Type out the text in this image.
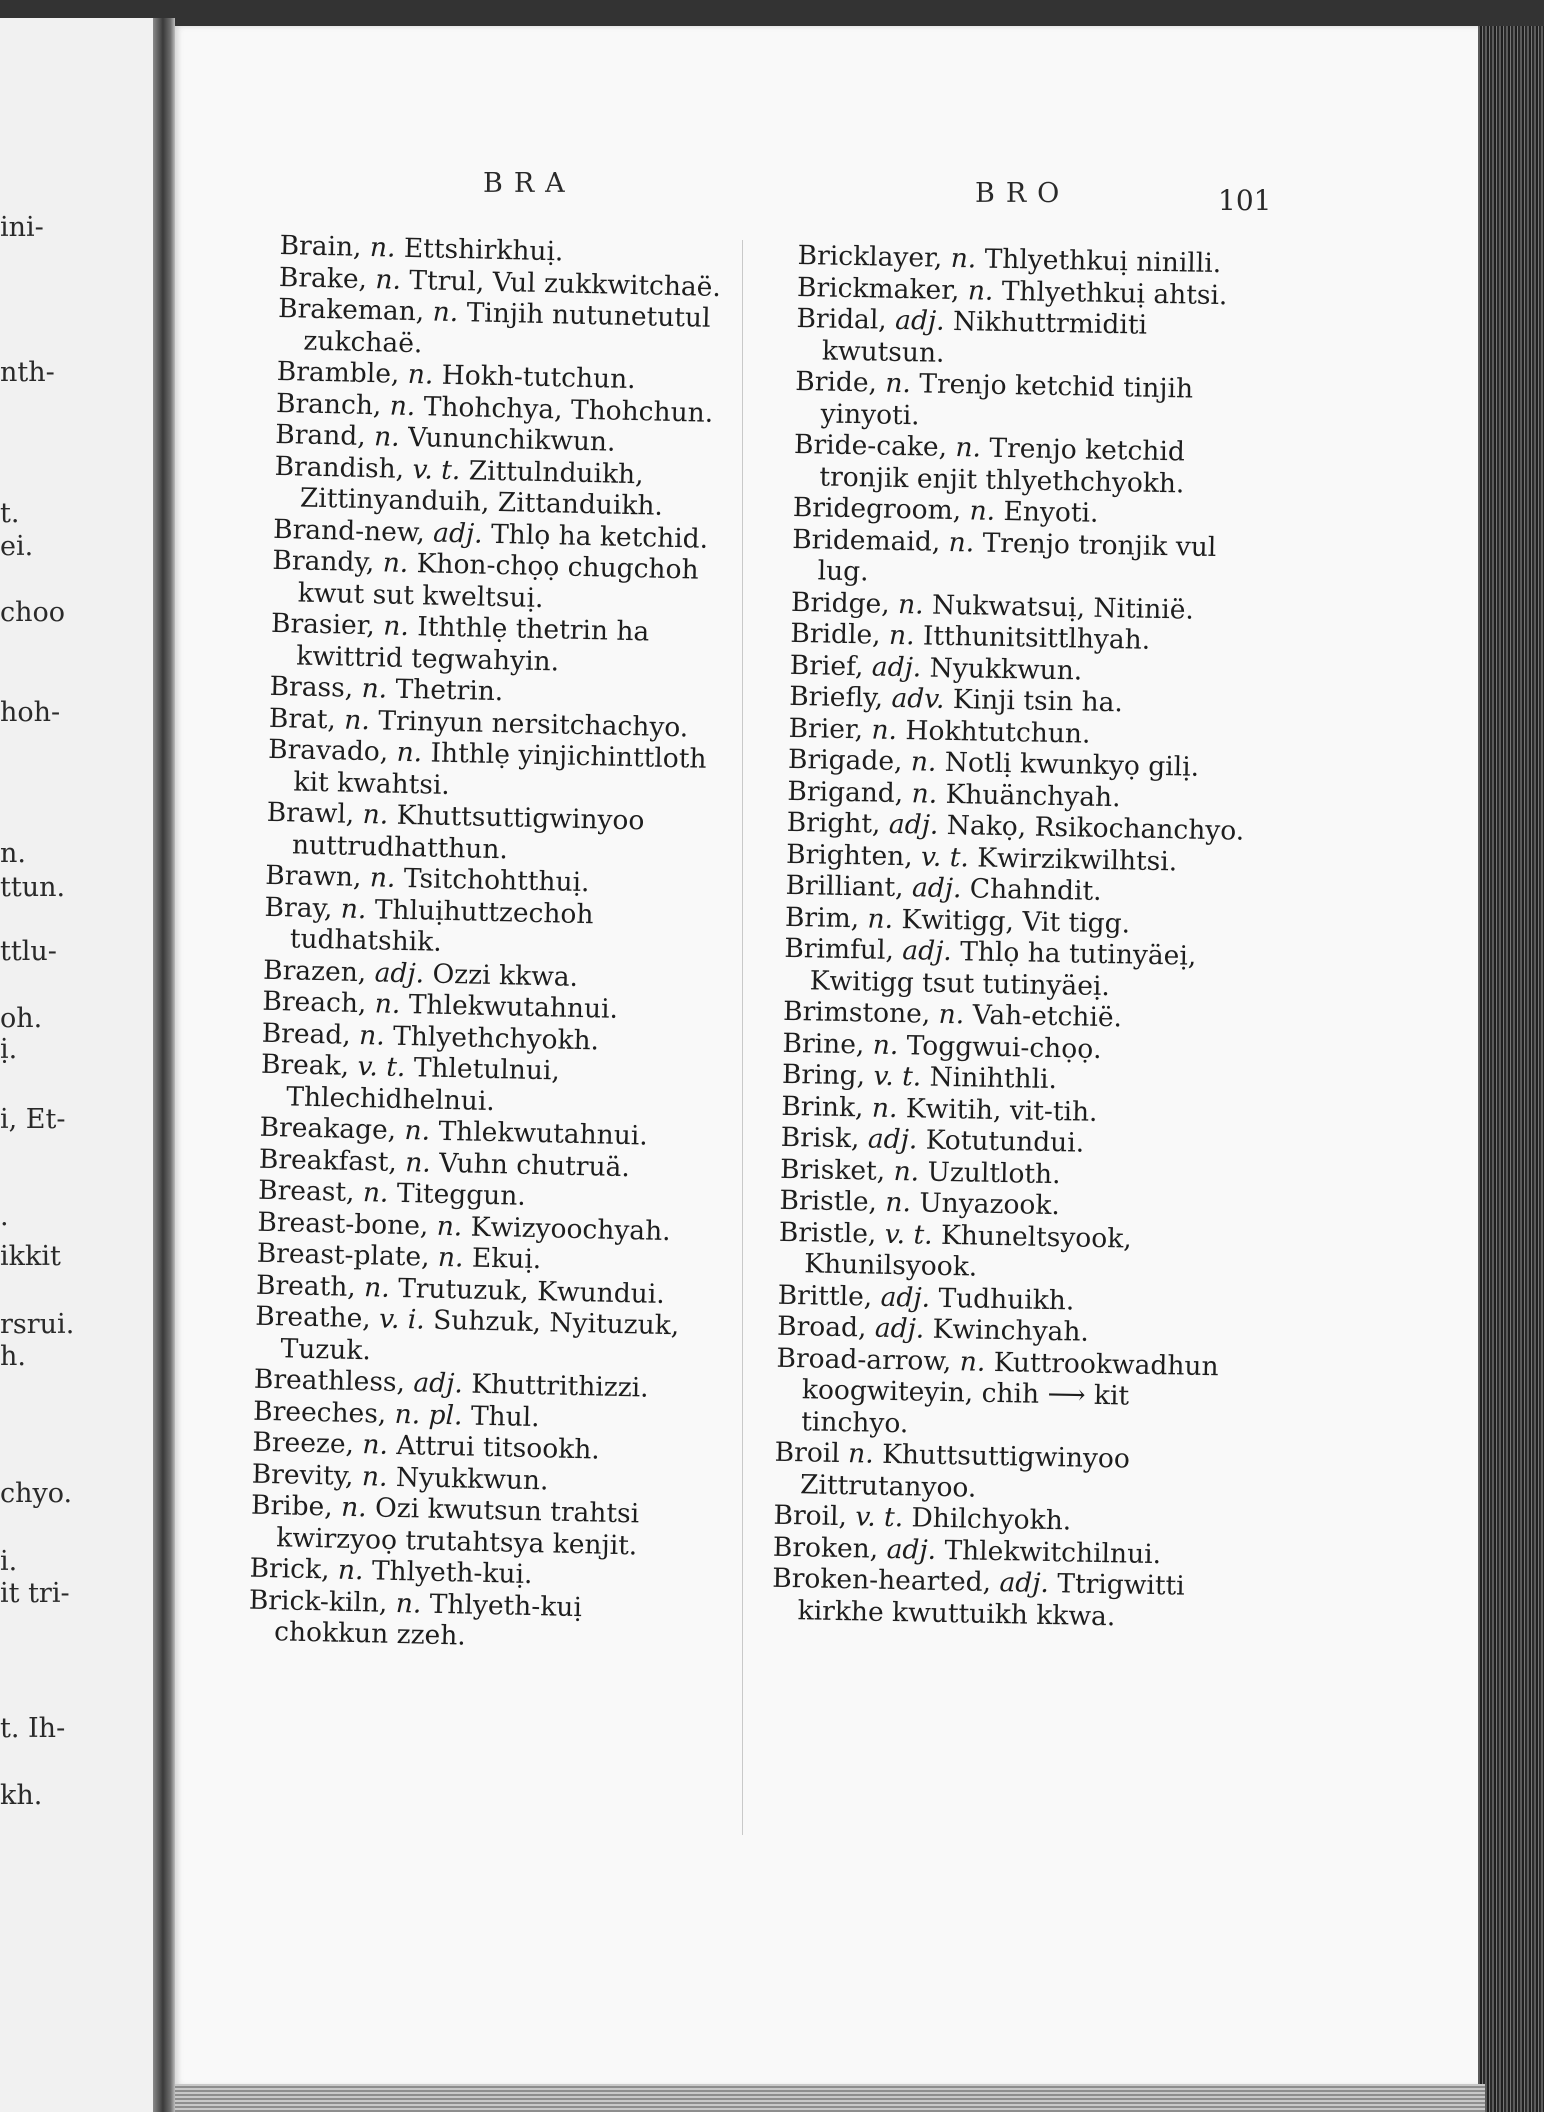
ini-
nth-
t.
ei.
choo
hoh-
n.
ttun.
ttlu-
oh.
ị.
i, Et-
.
ikkit
rsrui.
h.
chyo.
i.
it tri-
t. Ih-
kh.
BRA	BRO	101

Brain, n. Ettshirkhuị.

Brake, n. Ttrul, Vul zukkwitchaë.

Brakeman, n. Tinjih nutunetutul zukchaë.

Bramble, n. Hokh-tutchun.

Branch, n. Thohchya, Thohchun.

Brand, n. Vununchikwun.

Brandish, v. t. Zittulnduikh, Zittinyanduih, Zittanduikh.

Brand-new, adj. Thlọ ha ketchid.

Brandy, n. Khon-chọọ chugchoh kwut sut kweltsuị.

Brasier, n. Iththlẹ thetrin ha kwittrid tegwahyin.

Brass, n. Thetrin.

Brat, n. Trinyun nersitchachyo.

Bravado, n. Ihthlẹ yinjichinttloth kit kwahtsi.

Brawl, n. Khuttsuttigwinyoo nuttrudhatthun.

Brawn, n. Tsitchohtthuị.

Bray, n. Thluịhuttzechoh tudhatshik.

Brazen, adj. Ozzi kkwa.

Breach, n. Thlekwutahnui.

Bread, n. Thlyethchyokh.

Break, v. t. Thletulnui, Thlechidhelnui.

Breakage, n. Thlekwutahnui.

Breakfast, n. Vuhn chutruä.

Breast, n. Titeggun.

Breast-bone, n. Kwizyoochyah.

Breast-plate, n. Ekuị.

Breath, n. Trutuzuk, Kwundui.

Breathe, v. i. Suhzuk, Nyituzuk, Tuzuk.

Breathless, adj. Khuttrithizzi.

Breeches, n. pl. Thul.

Breeze, n. Attrui titsookh.

Brevity, n. Nyukkwun.

Bribe, n. Ozi kwutsun trahtsi kwirzyoọ trutahtsya kenjit.

Brick, n. Thlyeth-kuị.

Brick-kiln, n. Thlyeth-kuị chokkun zzeh.

Bricklayer, n. Thlyethkuị ninilli.

Brickmaker, n. Thlyethkuị ahtsi.

Bridal, adj. Nikhuttrmiditi kwutsun.

Bride, n. Trenjo ketchid tinjih yinyoti.

Bride-cake, n. Trenjo ketchid tronjik enjit thlyethchyokh.

Bridegroom, n. Enyoti.

Bridemaid, n. Trenjo tronjik vul lug.

Bridge, n. Nukwatsuị, Nitinië.

Bridle, n. Itthunitsittlhyah.

Brief, adj. Nyukkwun.

Briefly, adv. Kinji tsin ha.

Brier, n. Hokhtutchun.

Brigade, n. Notlị kwunkyọ gilị.

Brigand, n. Khuänchyah.

Bright, adj. Nakọ, Rsikochanchyo.

Brighten, v. t. Kwirzikwilhtsi.

Brilliant, adj. Chahndit.

Brim, n. Kwitigg, Vit tigg.

Brimful, adj. Thlọ ha tutinyäeị, Kwitigg tsut tutinyäeị.

Brimstone, n. Vah-etchië.

Brine, n. Toggwui-chọọ.

Bring, v. t. Ninihthli.

Brink, n. Kwitih, vit-tih.

Brisk, adj. Kotutundui.

Brisket, n. Uzultloth.

Bristle, n. Unyazook.

Bristle, v. t. Khuneltsyook, Khunilsyook.

Brittle, adj. Tudhuikh.

Broad, adj. Kwinchyah.

Broad-arrow, n. Kuttrookwadhun koogwiteyin, chih ⟶ kit tinchyo.

Broil n. Khuttsuttigwinyoo Zittrutanyoo.

Broil, v. t. Dhilchyokh.

Broken, adj. Thlekwitchilnui.

Broken-hearted, adj. Ttrigwitti kirkhe kwuttuikh kkwa.
